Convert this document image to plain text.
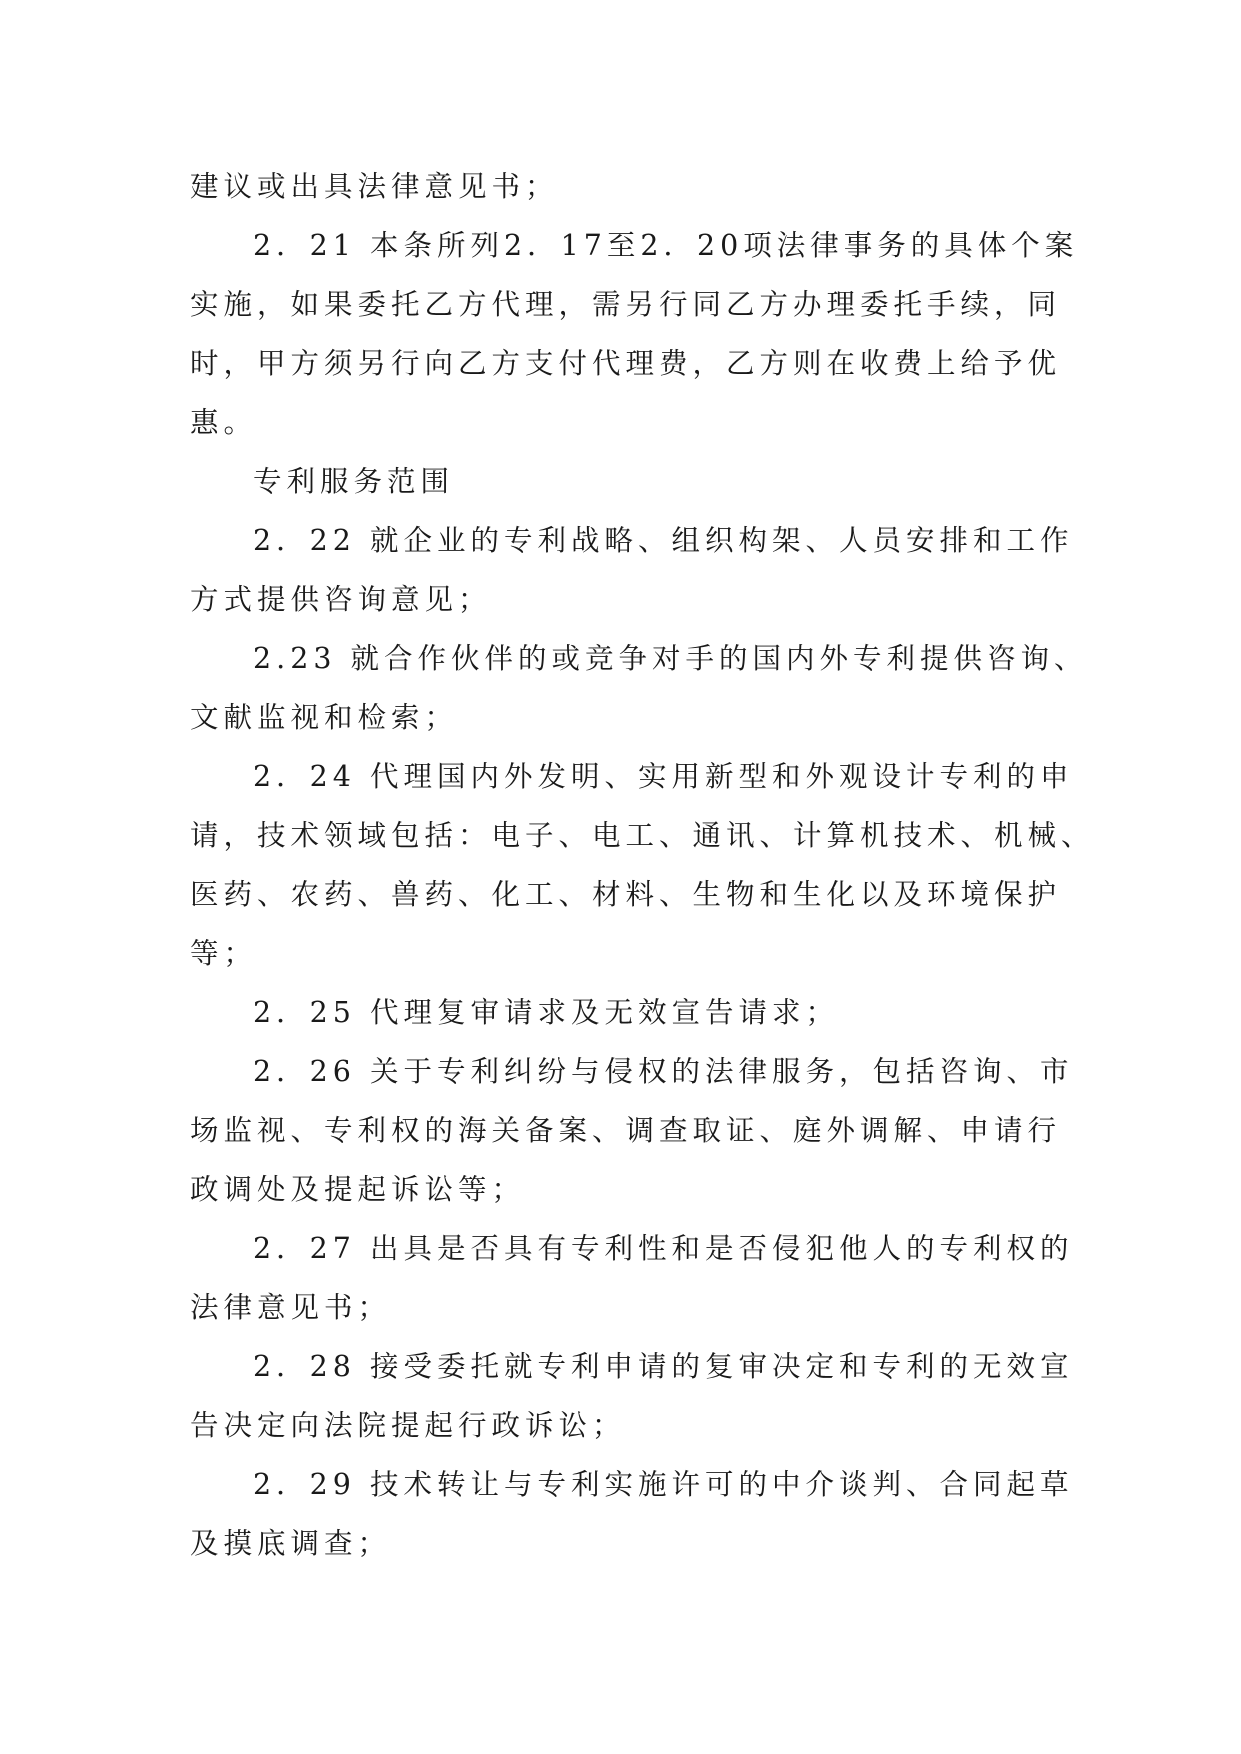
建议或出具法律意见书；
2．21 本条所列2．17至2．20项法律事务的具体个案
实施，如果委托乙方代理，需另行同乙方办理委托手续，同
时，甲方须另行向乙方支付代理费，乙方则在收费上给予优
惠。
专利服务范围
2．22 就企业的专利战略、组织构架、人员安排和工作
方式提供咨询意见；
2.23 就合作伙伴的或竞争对手的国内外专利提供咨询、
文献监视和检索；
2．24 代理国内外发明、实用新型和外观设计专利的申
请，技术领域包括：电子、电工、通讯、计算机技术、机械、
医药、农药、兽药、化工、材料、生物和生化以及环境保护
等；
2．25 代理复审请求及无效宣告请求；
2．26 关于专利纠纷与侵权的法律服务，包括咨询、市
场监视、专利权的海关备案、调查取证、庭外调解、申请行
政调处及提起诉讼等；
2．27 出具是否具有专利性和是否侵犯他人的专利权的
法律意见书；
2．28 接受委托就专利申请的复审决定和专利的无效宣
告决定向法院提起行政诉讼；
2．29 技术转让与专利实施许可的中介谈判、合同起草
及摸底调查；
